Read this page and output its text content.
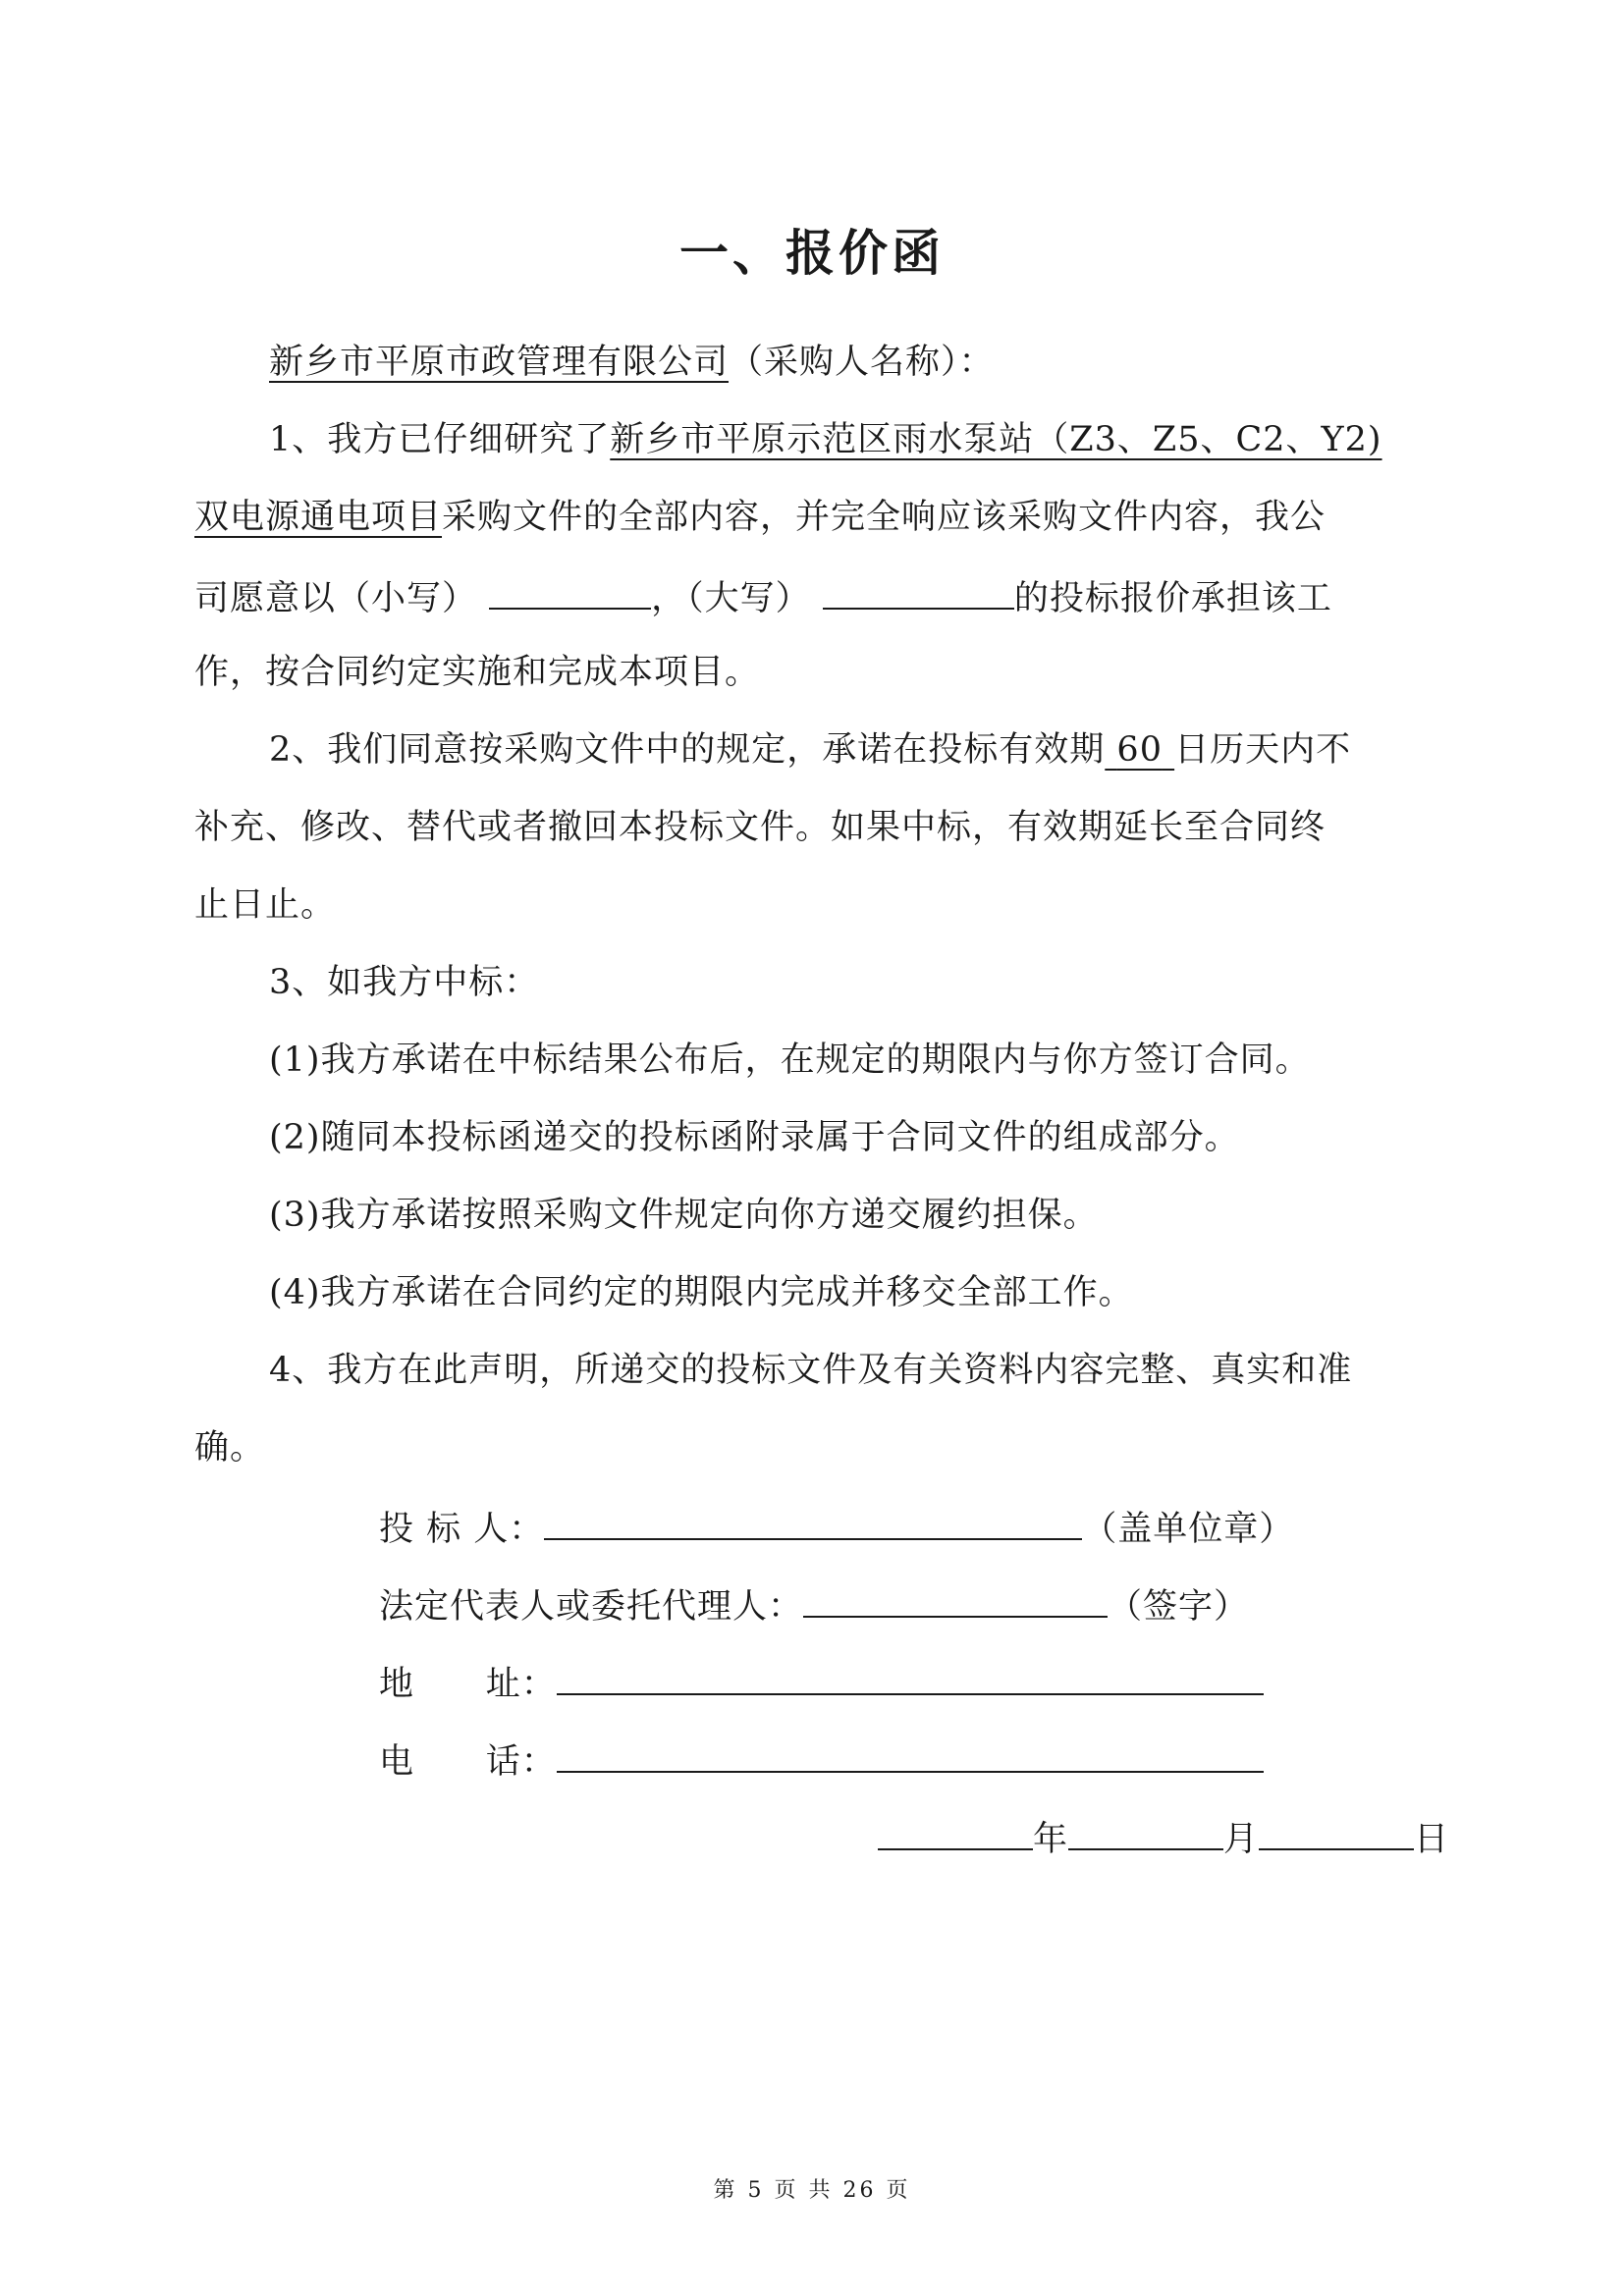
一、报价函
新乡市平原市政管理有限公司（采购人名称）：
1、我方已仔细研究了新乡市平原示范区雨水泵站（Z3、Z5、C2、Y2)
双电源通电项目采购文件的全部内容，并完全响应该采购文件内容，我公
司愿意以（小写）	，（大写）	的投标报价承担该工
作，按合同约定实施和完成本项目。
2、我们同意按采购文件中的规定，承诺在投标有效期 60 日历天内不
补充、修改、替代或者撤回本投标文件。如果中标，有效期延长至合同终
止日止。
3、如我方中标：
(1)我方承诺在中标结果公布后，在规定的期限内与你方签订合同。
(2)随同本投标函递交的投标函附录属于合同文件的组成部分。
(3)我方承诺按照采购文件规定向你方递交履约担保。
(4)我方承诺在合同约定的期限内完成并移交全部工作。
4、我方在此声明，所递交的投标文件及有关资料内容完整、真实和准
确。
投 标 人：	（盖单位章）
法定代表人或委托代理人：	（签字）
地      址：
电      话：
年	月	日
第 5 页 共 26 页
